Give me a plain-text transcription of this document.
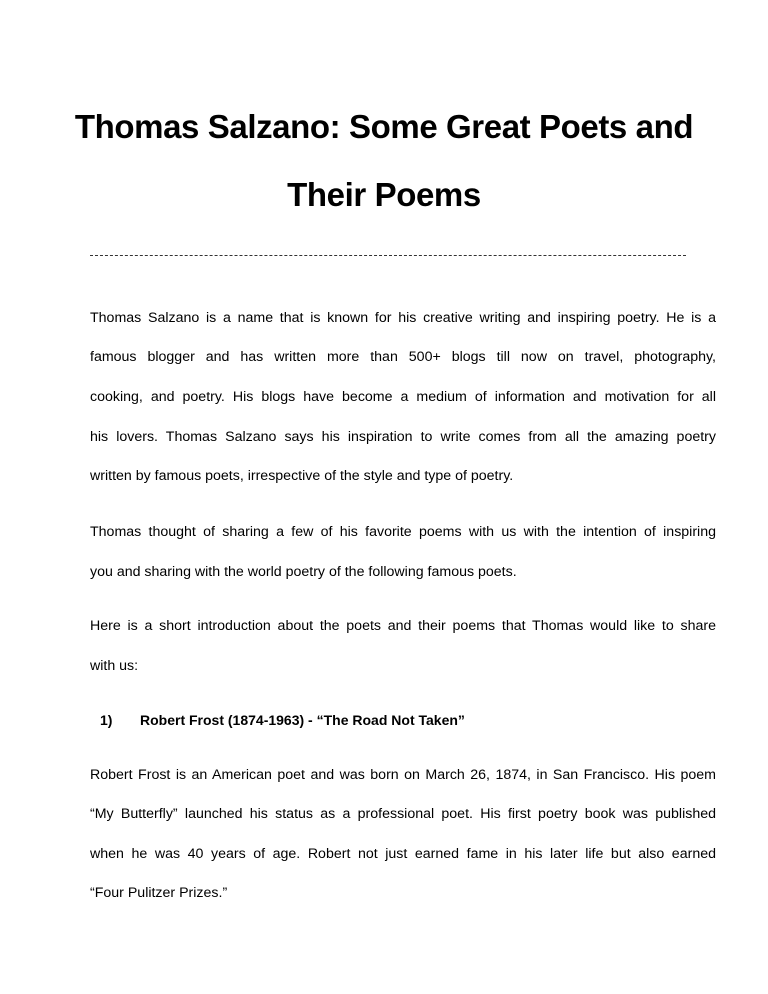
Thomas Salzano: Some Great Poets and
Their Poems
Thomas Salzano is a name that is known for his creative writing and inspiring poetry. He is a
famous blogger and has written more than 500+ blogs till now on travel, photography,
cooking, and poetry. His blogs have become a medium of information and motivation for all
his lovers. Thomas Salzano says his inspiration to write comes from all the amazing poetry
written by famous poets, irrespective of the style and type of poetry.
Thomas thought of sharing a few of his favorite poems with us with the intention of inspiring
you and sharing with the world poetry of the following famous poets.
Here is a short introduction about the poets and their poems that Thomas would like to share
with us:
1) Robert Frost (1874-1963) - “The Road Not Taken”
Robert Frost is an American poet and was born on March 26, 1874, in San Francisco. His poem
“My Butterfly” launched his status as a professional poet. His first poetry book was published
when he was 40 years of age. Robert not just earned fame in his later life but also earned
“Four Pulitzer Prizes.”
